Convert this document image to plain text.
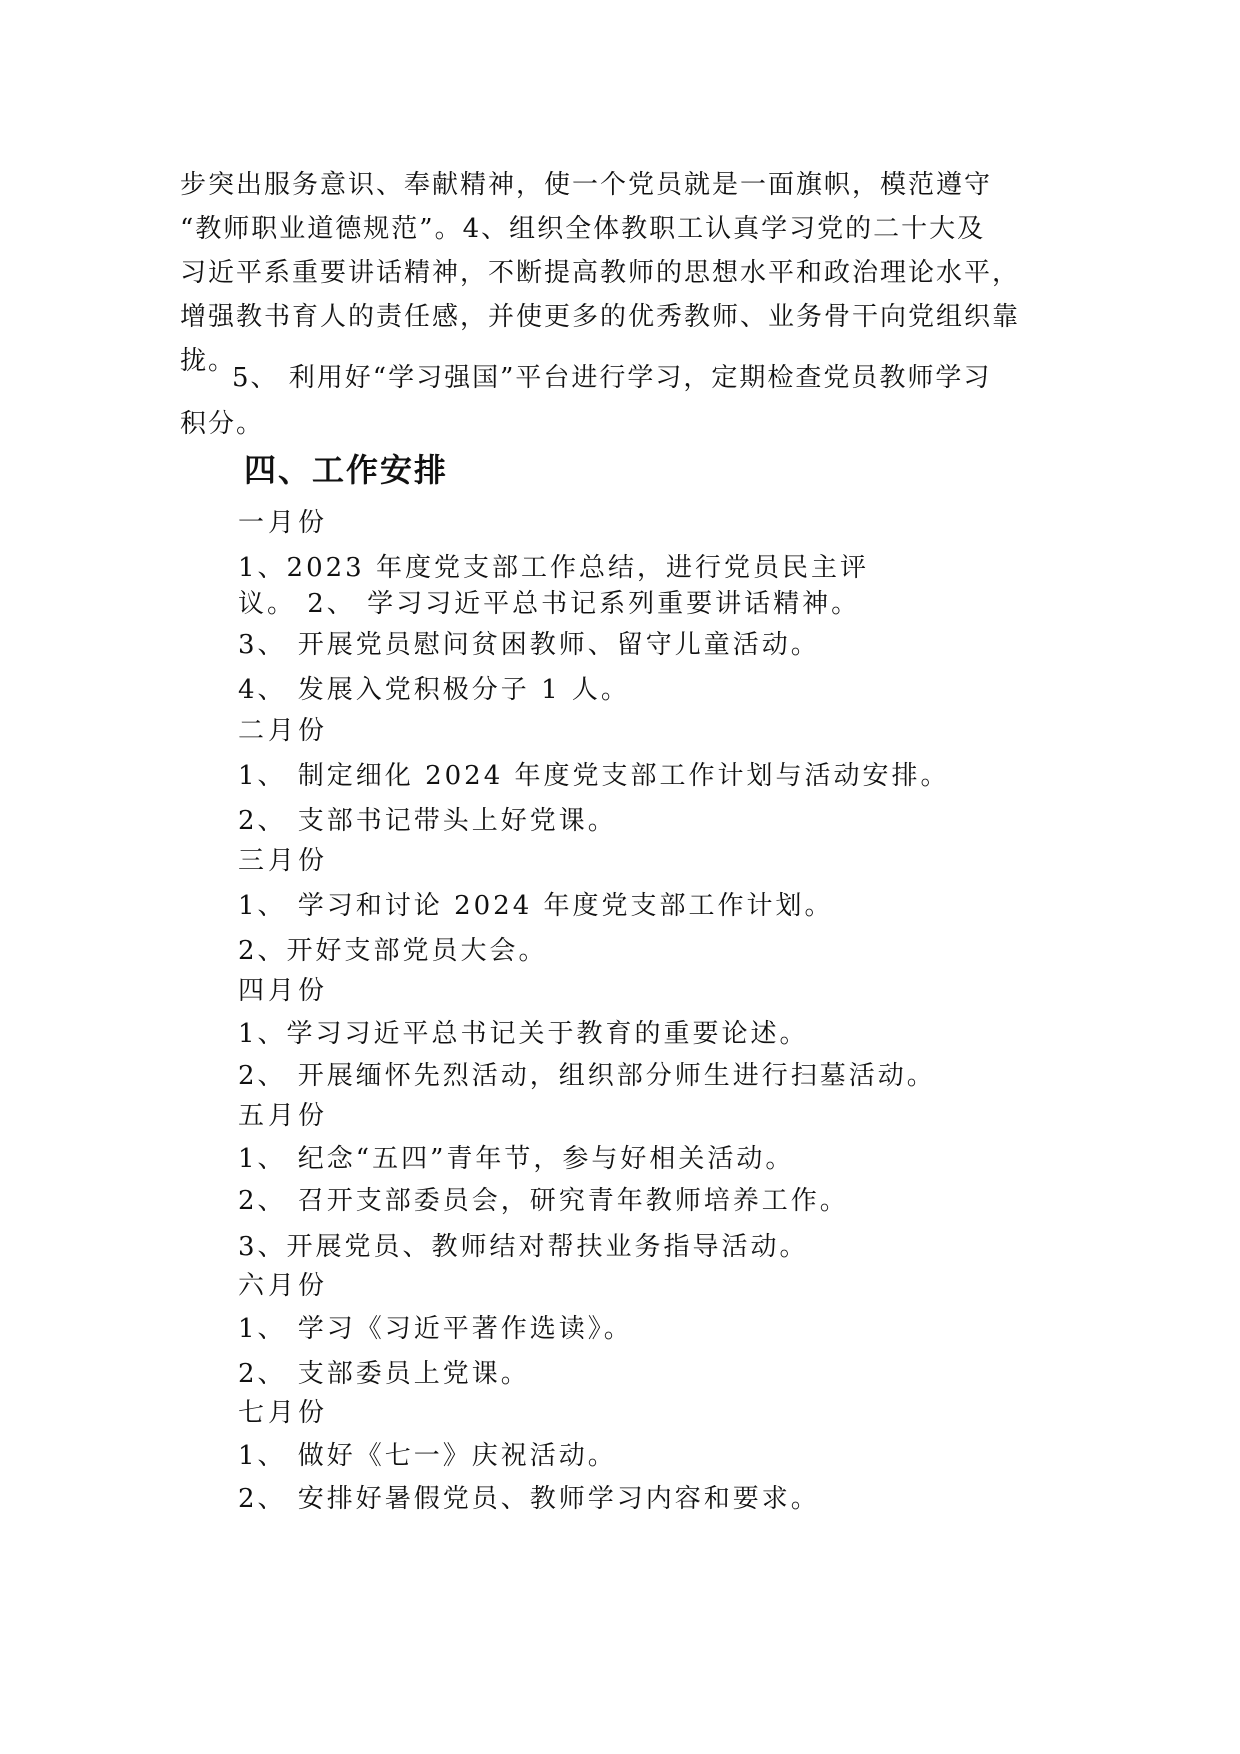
步突出服务意识、奉献精神，使一个党员就是一面旗帜，模范遵守
“教师职业道德规范”。4、组织全体教职工认真学习党的二十大及
习近平系重要讲话精神，不断提高教师的思想水平和政治理论水平，
增强教书育人的责任感，并使更多的优秀教师、业务骨干向党组织靠
拢。
5、 利用好“学习强国”平台进行学习，定期检查党员教师学习
积分。
四、工作安排
一月份
1、2023 年度党支部工作总结，进行党员民主评
议。 2、 学习习近平总书记系列重要讲话精神。
3、 开展党员慰问贫困教师、留守儿童活动。
4、 发展入党积极分子 1 人。
二月份
1、 制定细化 2024 年度党支部工作计划与活动安排。
2、 支部书记带头上好党课。
三月份
1、 学习和讨论 2024 年度党支部工作计划。
2、开好支部党员大会。
四月份
1、学习习近平总书记关于教育的重要论述。
2、 开展缅怀先烈活动，组织部分师生进行扫墓活动。
五月份
1、 纪念“五四”青年节，参与好相关活动。
2、 召开支部委员会，研究青年教师培养工作。
3、开展党员、教师结对帮扶业务指导活动。
六月份
1、 学习《习近平著作选读》。
2、 支部委员上党课。
七月份
1、 做好《七一》庆祝活动。
2、 安排好暑假党员、教师学习内容和要求。
